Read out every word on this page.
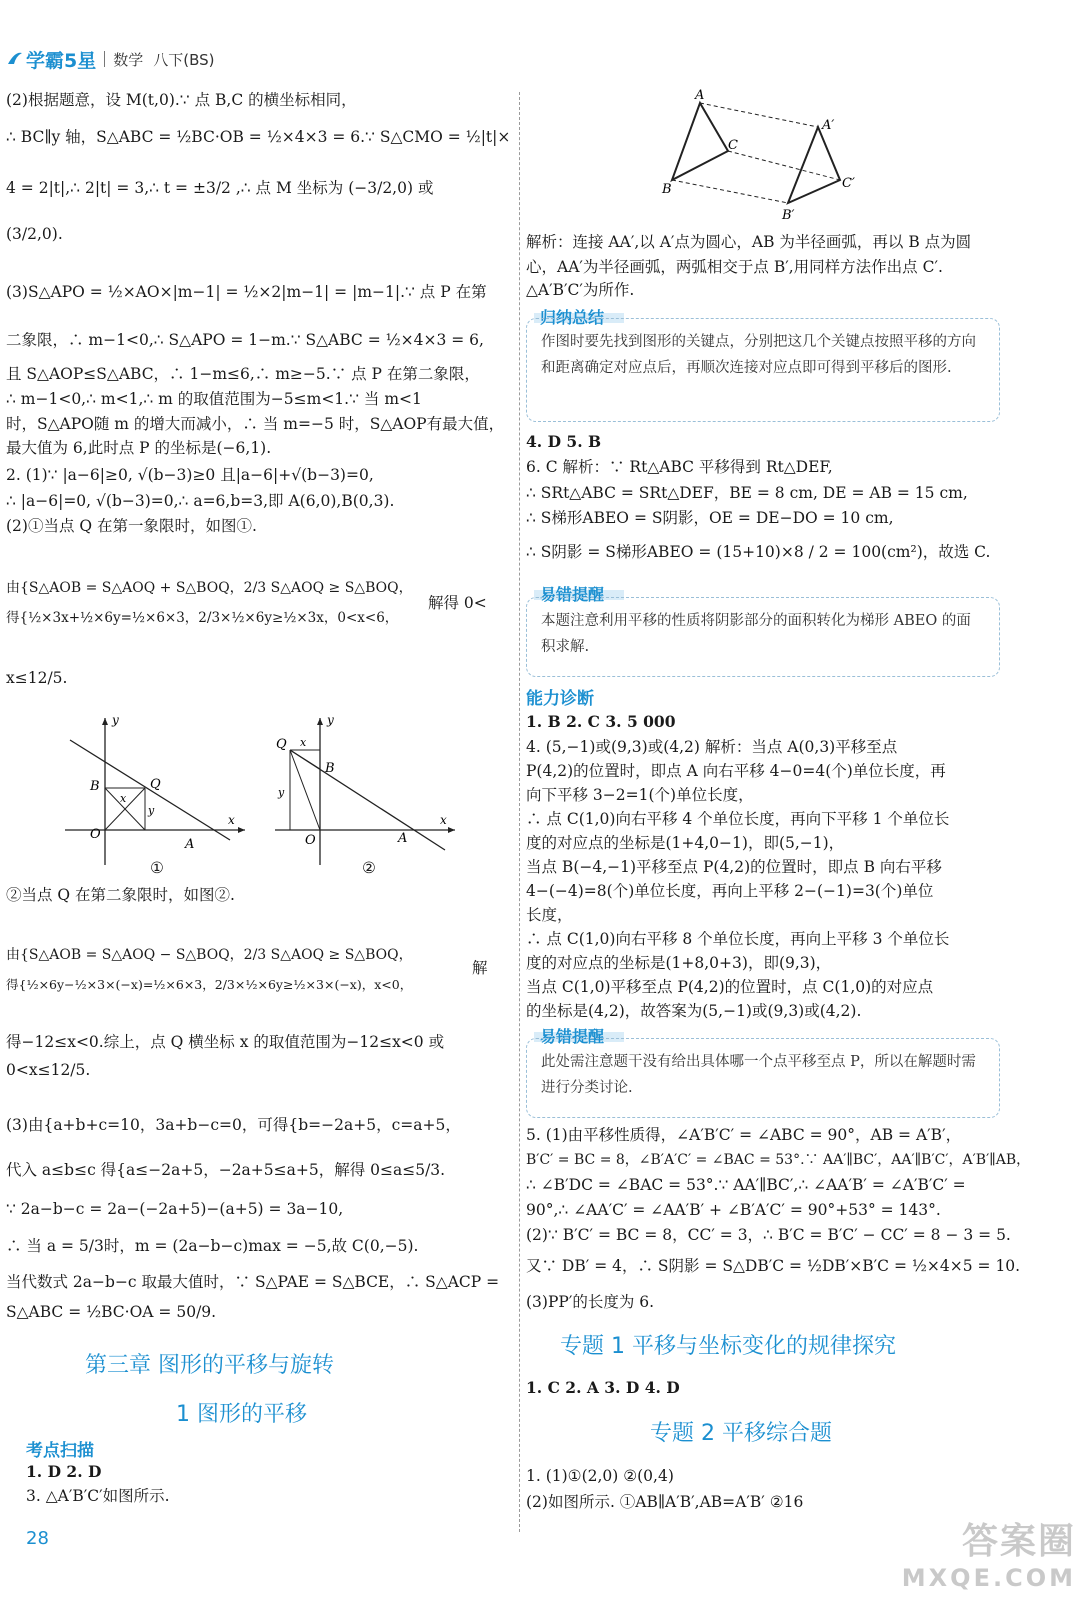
学霸5星 数学 八下(BS)
(2)根据题意，设 M(t,0).∵ 点 B,C 的横坐标相同，
∴ BC∥y 轴，S△ABC = ½BC·OB = ½×4×3 = 6.∵ S△CMO = ½|t|×
4 = 2|t|,∴ 2|t| = 3,∴ t = ±3/2 ,∴ 点 M 坐标为 (−3/2,0) 或
(3/2,0).
(3)S△APO = ½×AO×|m−1| = ½×2|m−1| = |m−1|.∵ 点 P 在第
二象限，∴ m−1<0,∴ S△APO = 1−m.∵ S△ABC = ½×4×3 = 6,
且 S△AOP≤S△ABC，∴ 1−m≤6,∴ m≥−5.∵ 点 P 在第二象限，
∴ m−1<0,∴ m<1,∴ m 的取值范围为−5≤m<1.∵ 当 m<1
时，S△APO随 m 的增大而减小，∴ 当 m=−5 时，S△AOP有最大值，
最大值为 6,此时点 P 的坐标是(−6,1).
2. (1)∵ |a−6|≥0, √(b−3)≥0 且|a−6|+√(b−3)=0,
∴ |a−6|=0, √(b−3)=0,∴ a=6,b=3,即 A(6,0),B(0,3).
(2)①当点 Q 在第一象限时，如图①.
由{S△AOB = S△AOQ + S△BOQ，2/3 S△AOQ ≥ S△BOQ，
得{½×3x+½×6y=½×6×3，2/3×½×6y≥½×3x，0<x<6，
解得 0<
x≤12/5.
O
B	Q
A
x
y
x
y
①
O
B
Q
A
x
y
x
y
②
②当点 Q 在第二象限时，如图②.
由{S△AOB = S△AOQ − S△BOQ，2/3 S△AOQ ≥ S△BOQ，
得{½×6y−½×3×(−x)=½×6×3，2/3×½×6y≥½×3×(−x)，x<0，
解
得−12≤x<0.综上，点 Q 横坐标 x 的取值范围为−12≤x<0 或
0<x≤12/5.
(3)由{a+b+c=10，3a+b−c=0，可得{b=−2a+5，c=a+5，
代入 a≤b≤c 得{a≤−2a+5，−2a+5≤a+5，解得 0≤a≤5/3.
∵ 2a−b−c = 2a−(−2a+5)−(a+5) = 3a−10,
∴ 当 a = 5/3时，m = (2a−b−c)max = −5,故 C(0,−5).
当代数式 2a−b−c 取最大值时，∵ S△PAE = S△BCE，∴ S△ACP =
S△ABC = ½BC·OA = 50/9.
第三章 图形的平移与旋转
1 图形的平移
考点扫描
1. D 2. D
3. △A′B′C′如图所示.
A
B
C
A′
B′
C′
解析：连接 AA′,以 A′点为圆心，AB 为半径画弧，再以 B 点为圆
心，AA′为半径画弧，两弧相交于点 B′,用同样方法作出点 C′.
△A′B′C′为所作.
归纳总结
作图时要先找到图形的关键点，分别把这几个关键点按照平移的方向和距离确定对应点后，再顺次连接对应点即可得到平移后的图形.
4. D 5. B
6. C 解析：∵ Rt△ABC 平移得到 Rt△DEF,
∴ SRt△ABC = SRt△DEF，BE = 8 cm, DE = AB = 15 cm,
∴ S梯形ABEO = S阴影，OE = DE−DO = 10 cm,
∴ S阴影 = S梯形ABEO = (15+10)×8 / 2 = 100(cm²)，故选 C.
易错提醒
本题注意利用平移的性质将阴影部分的面积转化为梯形 ABEO 的面积求解.
能力诊断
1. B 2. C 3. 5 000
4. (5,−1)或(9,3)或(4,2) 解析：当点 A(0,3)平移至点
P(4,2)的位置时，即点 A 向右平移 4−0=4(个)单位长度，再
向下平移 3−2=1(个)单位长度，
∴ 点 C(1,0)向右平移 4 个单位长度，再向下平移 1 个单位长
度的对应点的坐标是(1+4,0−1)，即(5,−1)，
当点 B(−4,−1)平移至点 P(4,2)的位置时，即点 B 向右平移
4−(−4)=8(个)单位长度，再向上平移 2−(−1)=3(个)单位
长度，
∴ 点 C(1,0)向右平移 8 个单位长度，再向上平移 3 个单位长
度的对应点的坐标是(1+8,0+3)，即(9,3)，
当点 C(1,0)平移至点 P(4,2)的位置时，点 C(1,0)的对应点
的坐标是(4,2)，故答案为(5,−1)或(9,3)或(4,2).
易错提醒
此处需注意题干没有给出具体哪一个点平移至点 P，所以在解题时需进行分类讨论.
5. (1)由平移性质得，∠A′B′C′ = ∠ABC = 90°，AB = A′B′，
B′C′ = BC = 8，∠B′A′C′ = ∠BAC = 53°.∵ AA′∥BC′，AA′∥B′C′，A′B′∥AB，
∴ ∠B′DC = ∠BAC = 53°.∵ AA′∥BC′,∴ ∠AA′B′ = ∠A′B′C′ =
90°,∴ ∠AA′C′ = ∠AA′B′ + ∠B′A′C′ = 90°+53° = 143°.
(2)∵ B′C′ = BC = 8，CC′ = 3，∴ B′C = B′C′ − CC′ = 8 − 3 = 5.
又∵ DB′ = 4，∴ S阴影 = S△DB′C = ½DB′×B′C = ½×4×5 = 10.
(3)PP′的长度为 6.
专题 1 平移与坐标变化的规律探究
1. C 2. A 3. D 4. D
专题 2 平移综合题
1. (1)①(2,0) ②(0,4)
(2)如图所示. ①AB∥A′B′,AB=A′B′ ②16
28	答案圈
MXQE.COM
